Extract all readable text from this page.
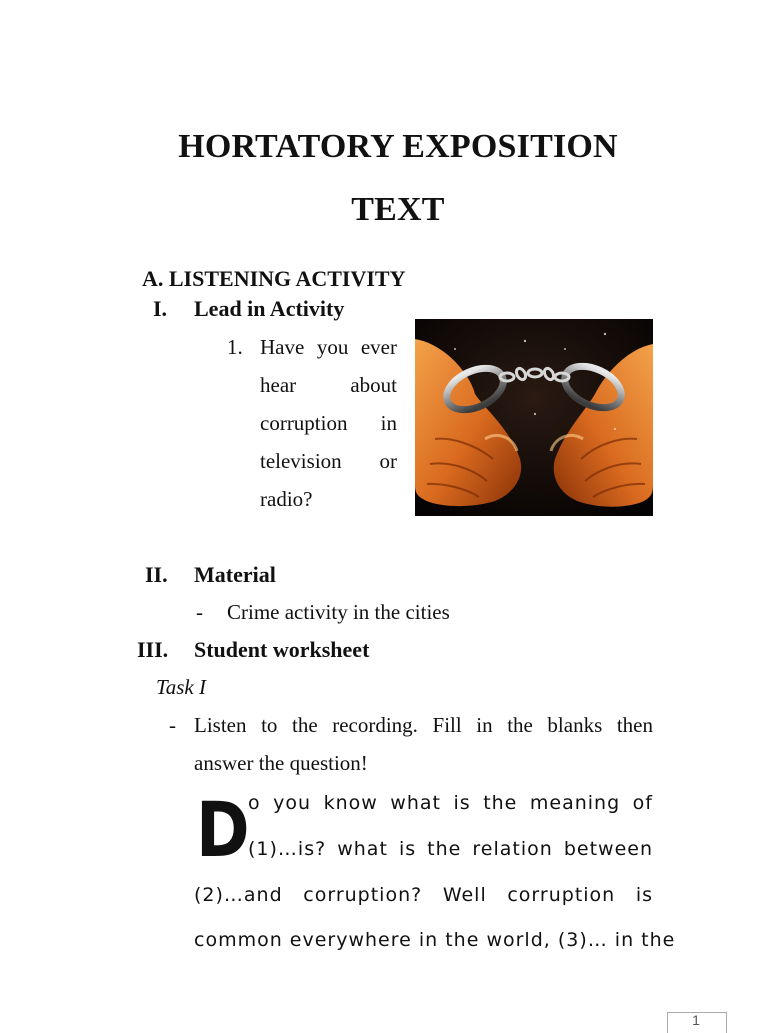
HORTATORY EXPOSITION
TEXT
A. LISTENING ACTIVITY
I. Lead in Activity
1. Have you ever
hear about
corruption in
television or
radio?
II. Material
- Crime activity in the cities
III. Student worksheet
Task I
- Listen to the recording. Fill in the blanks then
answer the question!
D
o you know what is the meaning of
(1)…is? what is the relation between
(2)…and corruption? Well corruption is
common everywhere in the world, (3)… in the
1
